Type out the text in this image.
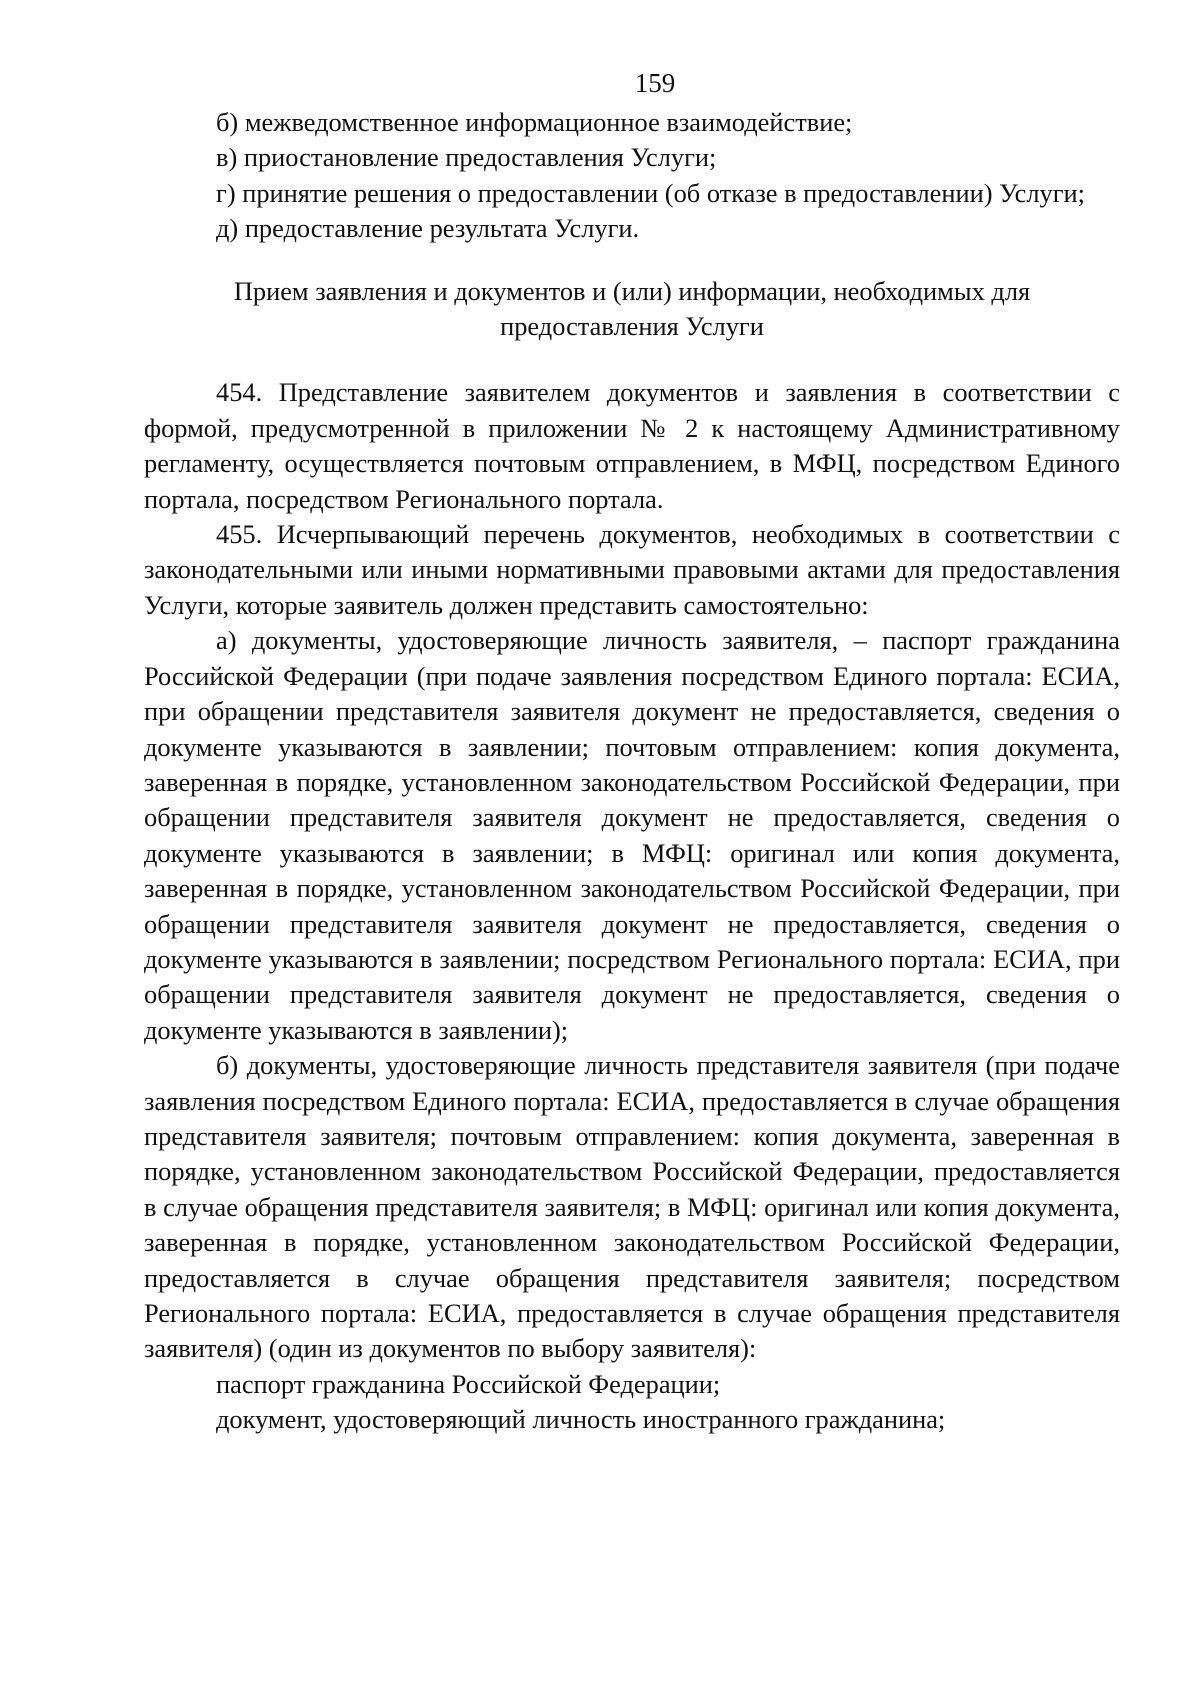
159

б) межведомственное информационное взаимодействие;

в) приостановление предоставления Услуги;

г) принятие решения о предоставлении (об отказе в предоставлении) Услуги;

д) предоставление результата Услуги.

Прием заявления и документов и (или) информации, необходимых для предоставления Услуги

454. Представление заявителем документов и заявления в соответствии с формой, предусмотренной в приложении № 2 к настоящему Административному регламенту, осуществляется почтовым отправлением, в МФЦ, посредством Единого портала, посредством Регионального портала.

455. Исчерпывающий перечень документов, необходимых в соответствии с законодательными или иными нормативными правовыми актами для предоставления Услуги, которые заявитель должен представить самостоятельно:

а) документы, удостоверяющие личность заявителя, – паспорт гражданина Российской Федерации (при подаче заявления посредством Единого портала: ЕСИА, при обращении представителя заявителя документ не предоставляется, сведения о документе указываются в заявлении; почтовым отправлением: копия документа, заверенная в порядке, установленном законодательством Российской Федерации, при обращении представителя заявителя документ не предоставляется, сведения о документе указываются в заявлении; в МФЦ: оригинал или копия документа, заверенная в порядке, установленном законодательством Российской Федерации, при обращении представителя заявителя документ не предоставляется, сведения о документе указываются в заявлении; посредством Регионального портала: ЕСИА, при обращении представителя заявителя документ не предоставляется, сведения о документе указываются в заявлении);

б) документы, удостоверяющие личность представителя заявителя (при подаче заявления посредством Единого портала: ЕСИА, предоставляется в случае обращения представителя заявителя; почтовым отправлением: копия документа, заверенная в порядке, установленном законодательством Российской Федерации, предоставляется в случае обращения представителя заявителя; в МФЦ: оригинал или копия документа, заверенная в порядке, установленном законодательством Российской Федерации, предоставляется в случае обращения представителя заявителя; посредством Регионального портала: ЕСИА, предоставляется в случае обращения представителя заявителя) (один из документов по выбору заявителя):

паспорт гражданина Российской Федерации;

документ, удостоверяющий личность иностранного гражданина;
